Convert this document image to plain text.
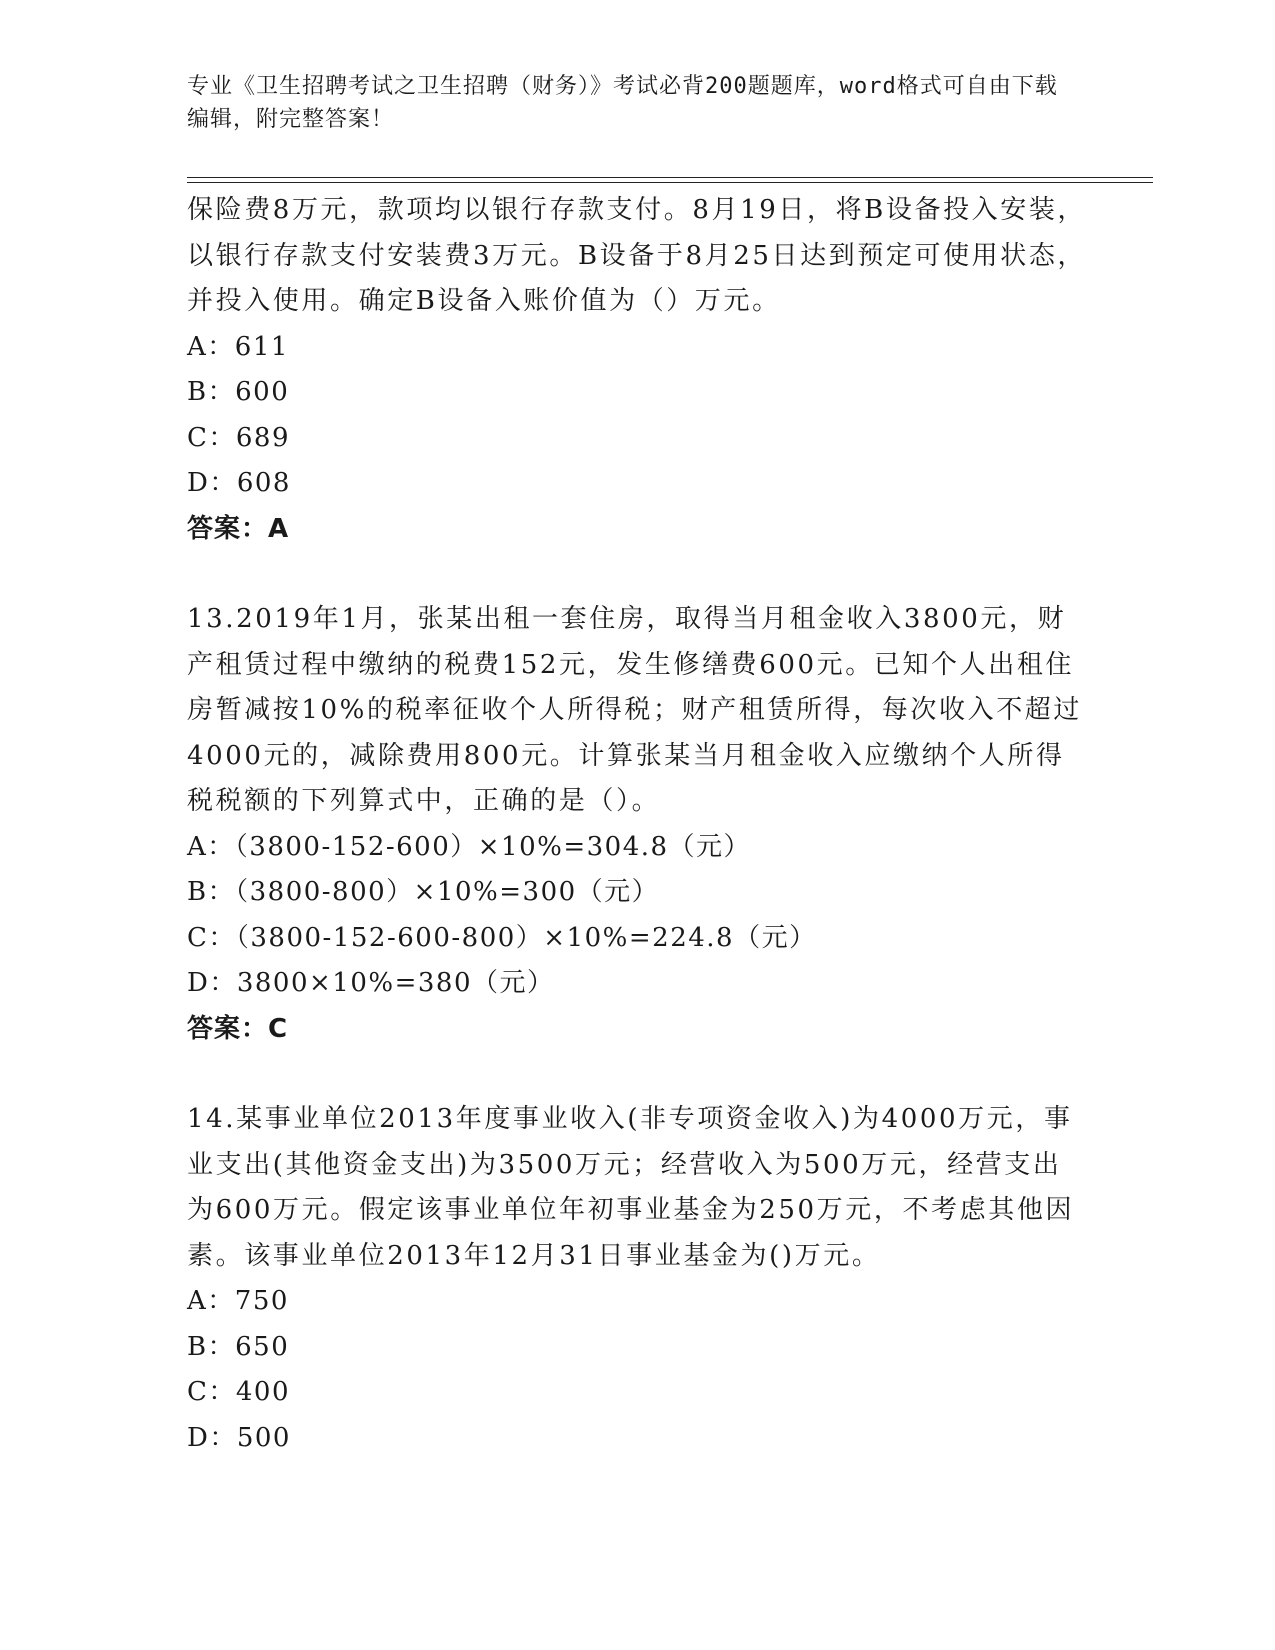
专业《卫生招聘考试之卫生招聘（财务）》考试必背200题题库，word格式可自由下载编辑，附完整答案！

保险费8万元，款项均以银行存款支付。8月19日，将B设备投入安装，以银行存款支付安装费3万元。B设备于8月25日达到预定可使用状态，并投入使用。确定B设备入账价值为（）万元。

A：611

B：600

C：689

D：608

答案：A

13.2019年1月，张某出租一套住房，取得当月租金收入3800元，财产租赁过程中缴纳的税费152元，发生修缮费600元。已知个人出租住房暂减按10%的税率征收个人所得税；财产租赁所得，每次收入不超过4000元的，减除费用800元。计算张某当月租金收入应缴纳个人所得税税额的下列算式中，正确的是（）。

A：（3800-152-600）×10%=304.8（元）

B：（3800-800）×10%=300（元）

C：（3800-152-600-800）×10%=224.8（元）

D：3800×10%=380（元）

答案：C

14.某事业单位2013年度事业收入(非专项资金收入)为4000万元，事业支出(其他资金支出)为3500万元；经营收入为500万元，经营支出为600万元。假定该事业单位年初事业基金为250万元，不考虑其他因素。该事业单位2013年12月31日事业基金为()万元。

A：750

B：650

C：400

D：500
